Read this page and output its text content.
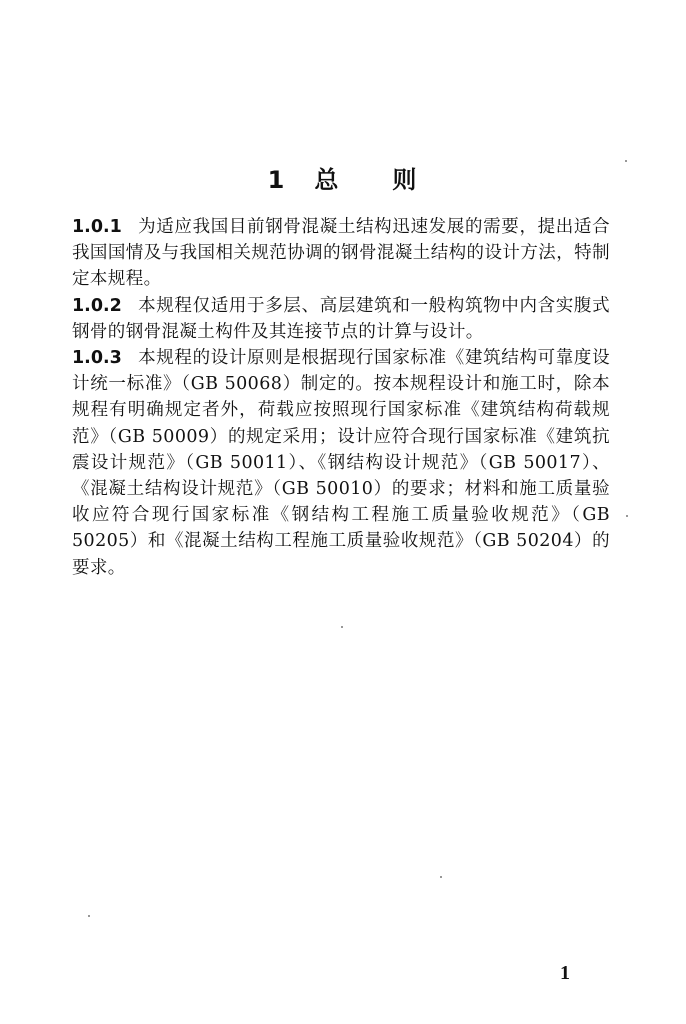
1 总 则

1.0.1 为适应我国目前钢骨混凝土结构迅速发展的需要，提出适合我国国情及与我国相关规范协调的钢骨混凝土结构的设计方法，特制定本规程。

1.0.2 本规程仅适用于多层、高层建筑和一般构筑物中内含实腹式钢骨的钢骨混凝土构件及其连接节点的计算与设计。

1.0.3 本规程的设计原则是根据现行国家标准《建筑结构可靠度设计统一标准》（GB 50068）制定的。按本规程设计和施工时，除本规程有明确规定者外，荷载应按照现行国家标准《建筑结构荷载规范》（GB 50009）的规定采用；设计应符合现行国家标准《建筑抗震设计规范》（GB 50011）、《钢结构设计规范》（GB 50017）、《混凝土结构设计规范》（GB 50010）的要求；材料和施工质量验收应符合现行国家标准《钢结构工程施工质量验收规范》（GB 50205）和《混凝土结构工程施工质量验收规范》（GB 50204）的要求。

1
